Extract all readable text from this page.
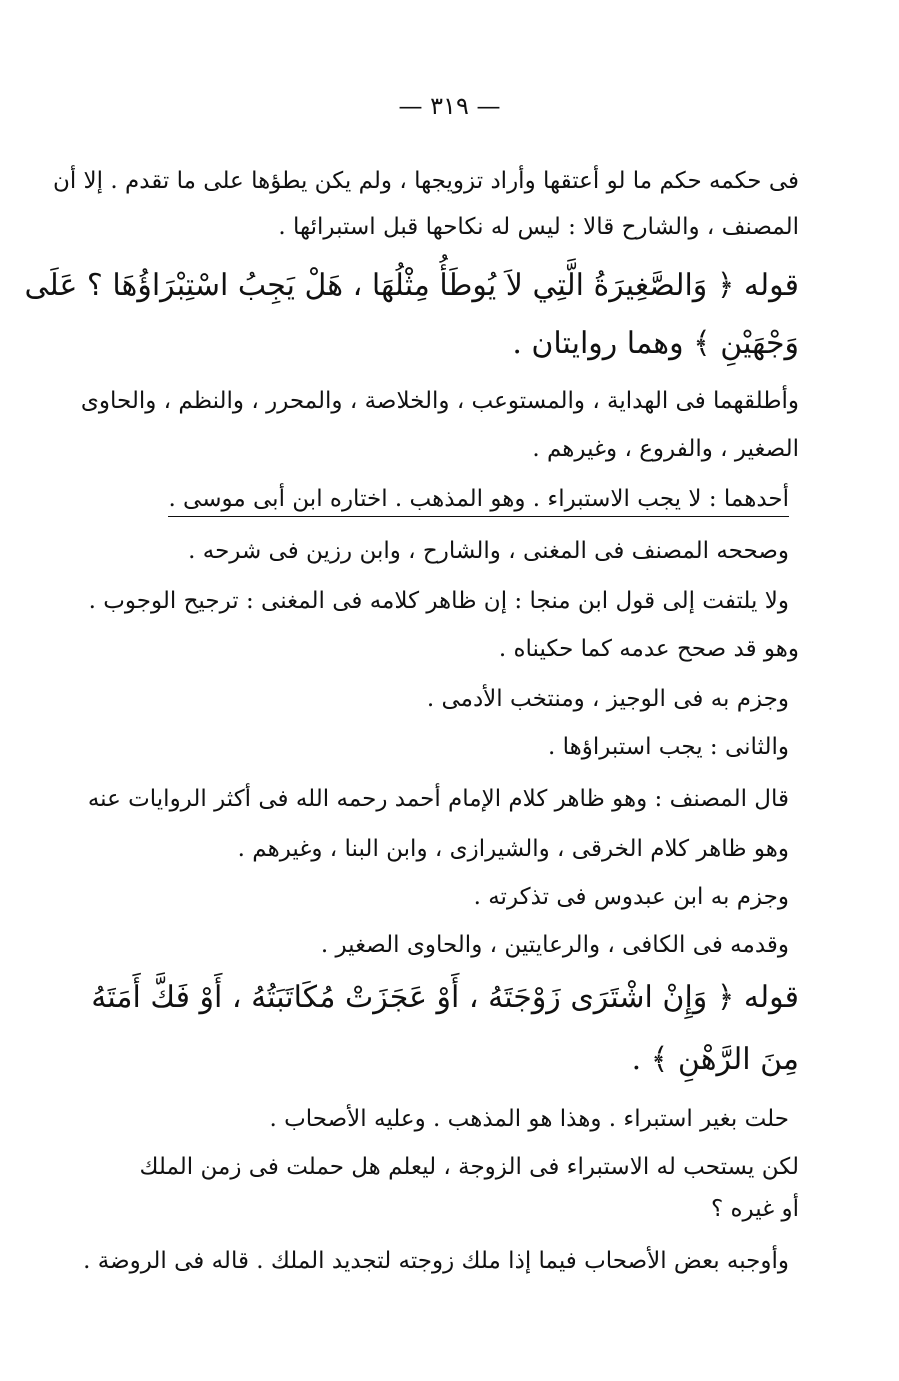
— ٣١٩ —
فى حكمه حكم ما لو أعتقها وأراد تزويجها ، ولم يكن يطؤها على ما تقدم . إلا أن
المصنف ، والشارح قالا : ليس له نكاحها قبل استبرائها .
قوله ﴿ وَالصَّغِيرَةُ الَّتِي لاَ يُوطَأُ مِثْلُهَا ، هَلْ يَجِبُ اسْتِبْرَاؤُهَا ؟ عَلَى
وَجْهَيْنِ ﴾ وهما روايتان .
وأطلقهما فى الهداية ، والمستوعب ، والخلاصة ، والمحرر ، والنظم ، والحاوى
الصغير ، والفروع ، وغيرهم .
أحدهما : لا يجب الاستبراء . وهو المذهب . اختاره ابن أبى موسى .
وصححه المصنف فى المغنى ، والشارح ، وابن رزين فى شرحه .
ولا يلتفت إلى قول ابن منجا : إن ظاهر كلامه فى المغنى : ترجيح الوجوب .
وهو قد صحح عدمه كما حكيناه .
وجزم به فى الوجيز ، ومنتخب الأدمى .
والثانى : يجب استبراؤها .
قال المصنف : وهو ظاهر كلام الإمام أحمد رحمه الله فى أكثر الروايات عنه
وهو ظاهر كلام الخرقى ، والشيرازى ، وابن البنا ، وغيرهم .
وجزم به ابن عبدوس فى تذكرته .
وقدمه فى الكافى ، والرعايتين ، والحاوى الصغير .
قوله ﴿ وَإِنْ اشْتَرَى زَوْجَتَهُ ، أَوْ عَجَزَتْ مُكَاتَبَتُهُ ، أَوْ فَكَّ أَمَتَهُ
مِنَ الرَّهْنِ ﴾ .
حلت بغير استبراء . وهذا هو المذهب . وعليه الأصحاب .
لكن يستحب له الاستبراء فى الزوجة ، ليعلم هل حملت فى زمن الملك
أو غيره ؟
وأوجبه بعض الأصحاب فيما إذا ملك زوجته لتجديد الملك . قاله فى الروضة .
